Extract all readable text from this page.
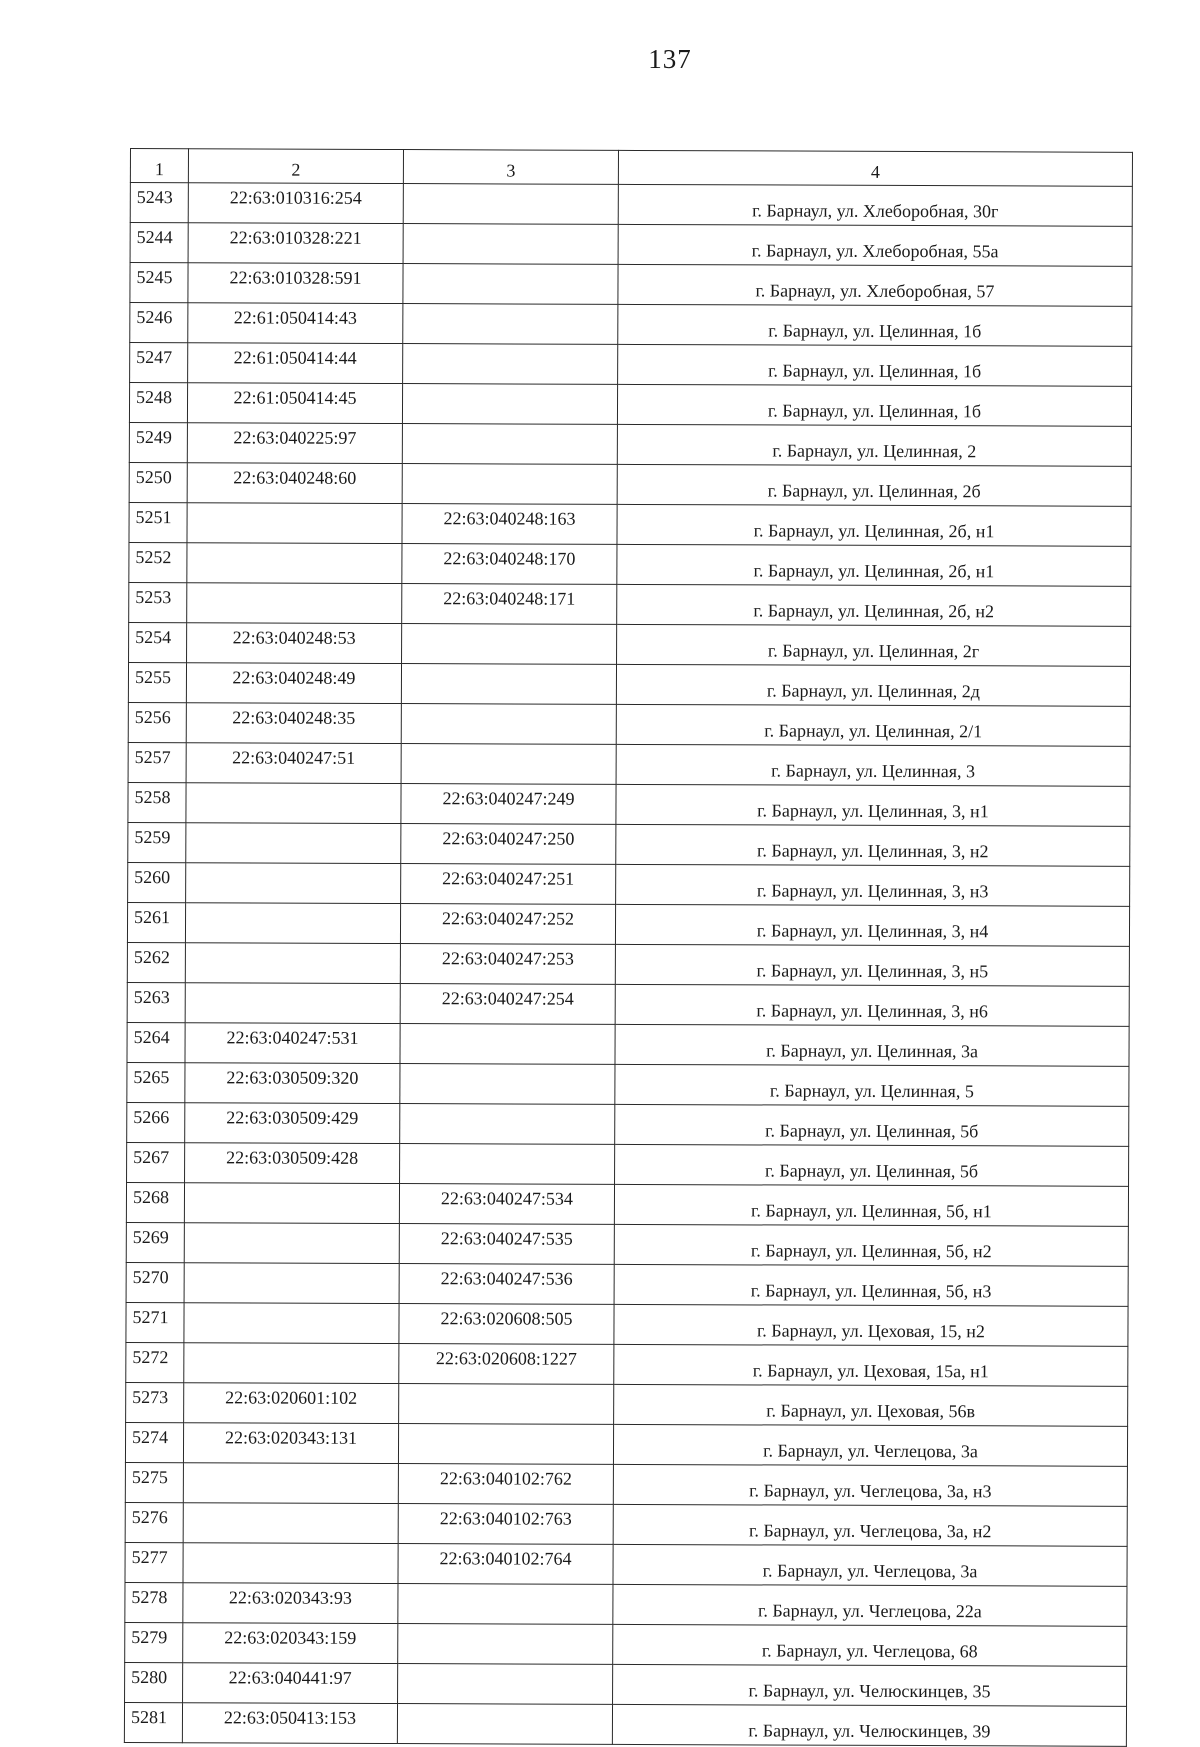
137
1	2	3	4
5243	22:63:010316:254		г. Барнаул, ул. Хлеборобная, 30г
5244	22:63:010328:221		г. Барнаул, ул. Хлеборобная, 55а
5245	22:63:010328:591		г. Барнаул, ул. Хлеборобная, 57
5246	22:61:050414:43		г. Барнаул, ул. Целинная, 1б
5247	22:61:050414:44		г. Барнаул, ул. Целинная, 1б
5248	22:61:050414:45		г. Барнаул, ул. Целинная, 1б
5249	22:63:040225:97		г. Барнаул, ул. Целинная, 2
5250	22:63:040248:60		г. Барнаул, ул. Целинная, 2б
5251		22:63:040248:163	г. Барнаул, ул. Целинная, 2б, н1
5252		22:63:040248:170	г. Барнаул, ул. Целинная, 2б, н1
5253		22:63:040248:171	г. Барнаул, ул. Целинная, 2б, н2
5254	22:63:040248:53		г. Барнаул, ул. Целинная, 2г
5255	22:63:040248:49		г. Барнаул, ул. Целинная, 2д
5256	22:63:040248:35		г. Барнаул, ул. Целинная, 2/1
5257	22:63:040247:51		г. Барнаул, ул. Целинная, 3
5258		22:63:040247:249	г. Барнаул, ул. Целинная, 3, н1
5259		22:63:040247:250	г. Барнаул, ул. Целинная, 3, н2
5260		22:63:040247:251	г. Барнаул, ул. Целинная, 3, н3
5261		22:63:040247:252	г. Барнаул, ул. Целинная, 3, н4
5262		22:63:040247:253	г. Барнаул, ул. Целинная, 3, н5
5263		22:63:040247:254	г. Барнаул, ул. Целинная, 3, н6
5264	22:63:040247:531		г. Барнаул, ул. Целинная, 3а
5265	22:63:030509:320		г. Барнаул, ул. Целинная, 5
5266	22:63:030509:429		г. Барнаул, ул. Целинная, 5б
5267	22:63:030509:428		г. Барнаул, ул. Целинная, 5б
5268		22:63:040247:534	г. Барнаул, ул. Целинная, 5б, н1
5269		22:63:040247:535	г. Барнаул, ул. Целинная, 5б, н2
5270		22:63:040247:536	г. Барнаул, ул. Целинная, 5б, н3
5271		22:63:020608:505	г. Барнаул, ул. Цеховая, 15, н2
5272		22:63:020608:1227	г. Барнаул, ул. Цеховая, 15а, н1
5273	22:63:020601:102		г. Барнаул, ул. Цеховая, 56в
5274	22:63:020343:131		г. Барнаул, ул. Чеглецова, 3а
5275		22:63:040102:762	г. Барнаул, ул. Чеглецова, 3а, н3
5276		22:63:040102:763	г. Барнаул, ул. Чеглецова, 3а, н2
5277		22:63:040102:764	г. Барнаул, ул. Чеглецова, 3а
5278	22:63:020343:93		г. Барнаул, ул. Чеглецова, 22а
5279	22:63:020343:159		г. Барнаул, ул. Чеглецова, 68
5280	22:63:040441:97		г. Барнаул, ул. Челюскинцев, 35
5281	22:63:050413:153		г. Барнаул, ул. Челюскинцев, 39
